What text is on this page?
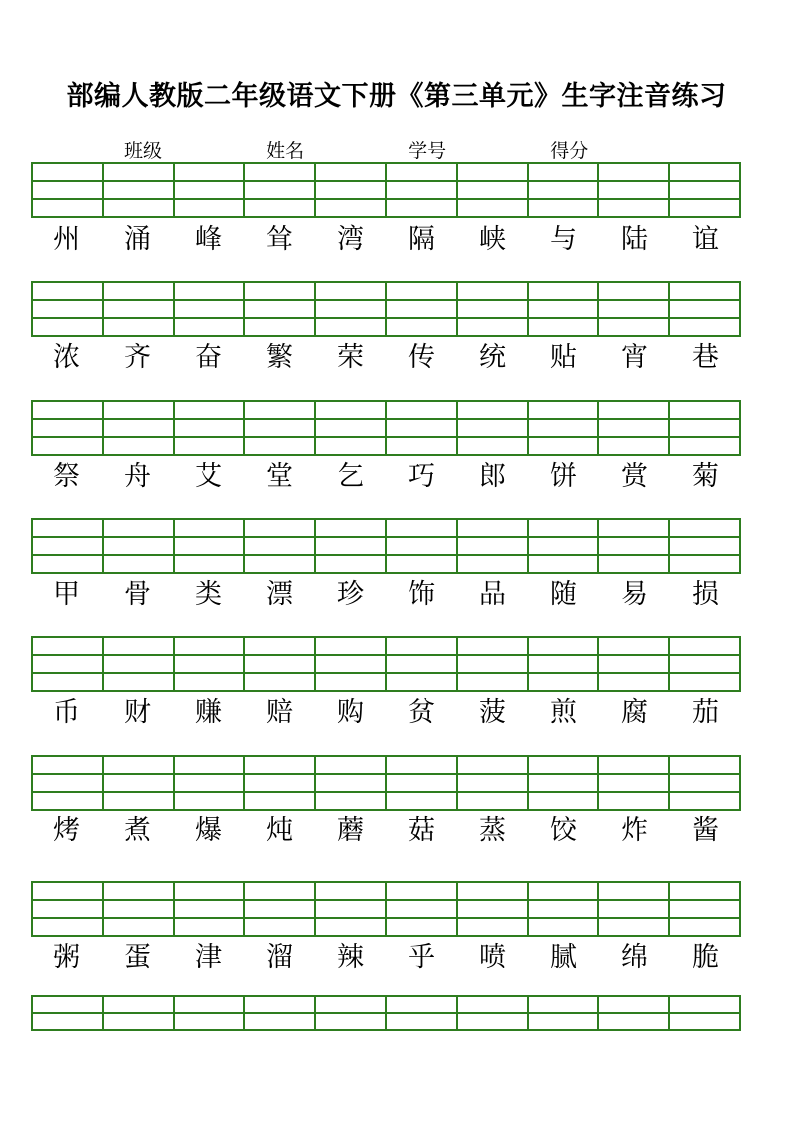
部编人教版二年级语文下册《第三单元》生字注音练习
班级	姓名	学号	得分
州	涌	峰	耸	湾	隔	峡	与	陆	谊
浓	齐	奋	繁	荣	传	统	贴	宵	巷
祭	舟	艾	堂	乞	巧	郎	饼	赏	菊
甲	骨	类	漂	珍	饰	品	随	易	损
币	财	赚	赔	购	贫	菠	煎	腐	茄
烤	煮	爆	炖	蘑	菇	蒸	饺	炸	酱
粥	蛋	津	溜	辣	乎	喷	腻	绵	脆
